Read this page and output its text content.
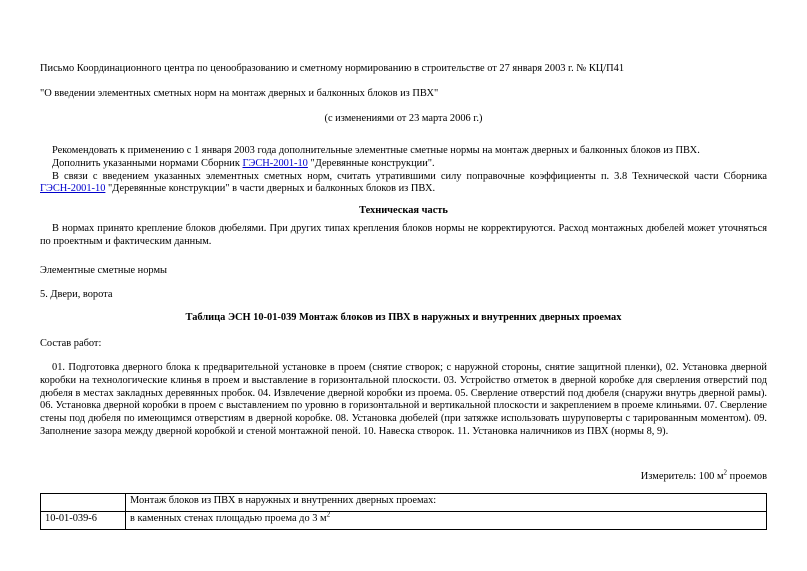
Письмо Координационного центра по ценообразованию и сметному нормированию в строительстве от 27 января 2003 г. № КЦ/П41
"О введении элементных сметных норм на монтаж дверных и балконных блоков из ПВХ"
(с изменениями от 23 марта 2006 г.)
Рекомендовать к применению с 1 января 2003 года дополнительные элементные сметные нормы на монтаж дверных и балконных блоков из ПВХ.
Дополнить указанными нормами Сборник ГЭСН-2001-10 "Деревянные конструкции".
В связи с введением указанных элементных сметных норм, считать утратившими силу поправочные коэффициенты п. 3.8 Технической части Сборника ГЭСН-2001-10 "Деревянные конструкции" в части дверных и балконных блоков из ПВХ.
Техническая часть
В нормах принято крепление блоков дюбелями. При других типах крепления блоков нормы не корректируются. Расход монтажных дюбелей может уточняться по проектным и фактическим данным.
Элементные сметные нормы
5. Двери, ворота
Таблица ЭСН 10-01-039 Монтаж блоков из ПВХ в наружных и внутренних дверных проемах
Состав работ:
01. Подготовка дверного блока к предварительной установке в проем (снятие створок; с наружной стороны, снятие защитной пленки), 02. Установка дверной коробки на технологические клинья в проем и выставление в горизонтальной плоскости. 03. Устройство отметок в дверной коробке для сверления отверстий под дюбеля в местах закладных деревянных пробок. 04. Извлечение дверной коробки из проема. 05. Сверление отверстий под дюбеля (снаружи внутрь дверной рамы). 06. Установка дверной коробки в проем с выставлением по уровню в горизонтальной и вертикальной плоскости и закреплением в проеме клиньями. 07. Сверление стены под дюбеля по имеющимся отверстиям в дверной коробке. 08. Установка дюбелей (при затяжке использовать шуруповерты с тарированным моментом). 09. Заполнение зазора между дверной коробкой и стеной монтажной пеной. 10. Навеска створок. 11. Установка наличников из ПВХ (нормы 8, 9).
Измеритель: 100 $м^2$ проемов
	Монтаж блоков из ПВХ в наружных и внутренних дверных проемах:
10-01-039-6	в каменных стенах площадью проема до 3 $м^2$
